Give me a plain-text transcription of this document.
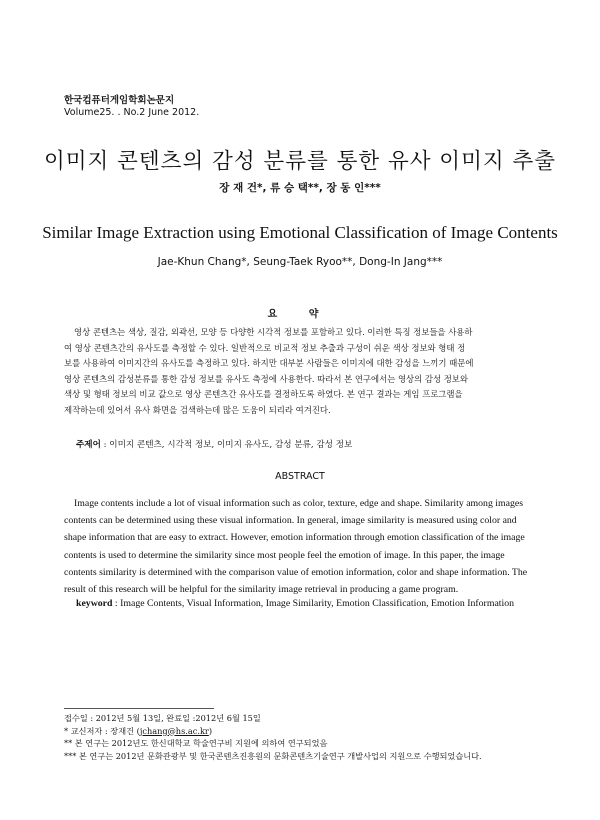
한국컴퓨터게임학회논문지
Volume25. . No.2 June 2012.
이미지 콘텐츠의 감성 분류를 통한 유사 이미지 추출
장 재 건*, 류 승 택**, 장 동 인***
Similar Image Extraction using Emotional Classification of Image Contents
Jae-Khun Chang*, Seung-Taek Ryoo**, Dong-In Jang***
요 약
영상 콘텐츠는 색상, 질감, 외곽선, 모양 등 다양한 시각적 정보를 포함하고 있다. 이러한 특징 정보들을 사용하
여 영상 콘텐츠간의 유사도를 측정할 수 있다. 일반적으로 비교적 정보 추출과 구성이 쉬운 색상 정보와 형태 정
보를 사용하여 이미지간의 유사도를 측정하고 있다. 하지만 대부분 사람들은 이미지에 대한 감성을 느끼기 때문에
영상 콘텐츠의 감성분류를 통한 감성 정보를 유사도 측정에 사용한다. 따라서 본 연구에서는 영상의 감성 정보와
색상 및 형태 정보의 비교 값으로 영상 콘텐츠간 유사도를 결정하도록 하였다. 본 연구 결과는 게임 프로그램을
제작하는데 있어서 유사 화면을 검색하는데 많은 도움이 되리라 여겨진다.
주제어 : 이미지 콘텐츠, 시각적 정보, 이미지 유사도, 감성 분류, 감성 정보
ABSTRACT
Image contents include a lot of visual information such as color, texture, edge and shape. Similarity among images
contents can be determined using these visual information. In general, image similarity is measured using color and
shape information that are easy to extract. However, emotion information through emotion classification of the image
contents is used to determine the similarity since most people feel the emotion of image. In this paper, the image
contents similarity is determined with the comparison value of emotion information, color and shape information. The
result of this research will be helpful for the similarity image retrieval in producing a game program.
keyword : Image Contents, Visual Information, Image Similarity, Emotion Classification, Emotion Information
접수일 : 2012년 5월 13일, 완료일 :2012년 6월 15일
* 교신저자 : 장재건 (jchang@hs.ac.kr)
** 본 연구는 2012년도 한신대학교 학술연구비 지원에 의하여 연구되었음
*** 본 연구는 2012년 문화관광부 및 한국콘텐츠진흥원의 문화콘텐츠기술연구 개발사업의 지원으로 수행되었습니다.
